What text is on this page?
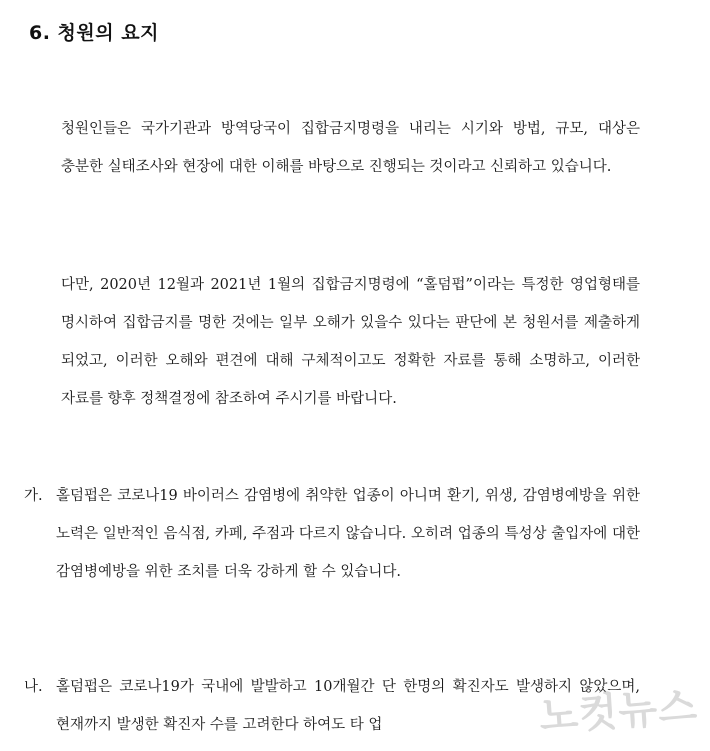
6. 청원의 요지

청원인들은 국가기관과 방역당국이 집합금지명령을 내리는 시기와 방법, 규모, 대상은 충분한 실태조사와 현장에 대한 이해를 바탕으로 진행되는 것이라고 신뢰하고 있습니다.

다만, 2020년 12월과 2021년 1월의 집합금지명령에 “홀덤펍”이라는 특정한 영업형태를 명시하여 집합금지를 명한 것에는 일부 오해가 있을수 있다는 판단에 본 청원서를 제출하게 되었고, 이러한 오해와 편견에 대해 구체적이고도 정확한 자료를 통해 소명하고, 이러한 자료를 향후 정책결정에 참조하여 주시기를 바랍니다.

가. 홀덤펍은 코로나19 바이러스 감염병에 취약한 업종이 아니며 환기, 위생, 감염병예방을 위한 노력은 일반적인 음식점, 카페, 주점과 다르지 않습니다. 오히려 업종의 특성상 출입자에 대한 감염병예방을 위한 조치를 더욱 강하게 할 수 있습니다.
나. 홀덤펍은 코로나19가 국내에 발발하고 10개월간 단 한명의 확진자도 발생하지 않았으며, 현재까지 발생한 확진자 수를 고려한다 하여도 타 업	노컷뉴스
